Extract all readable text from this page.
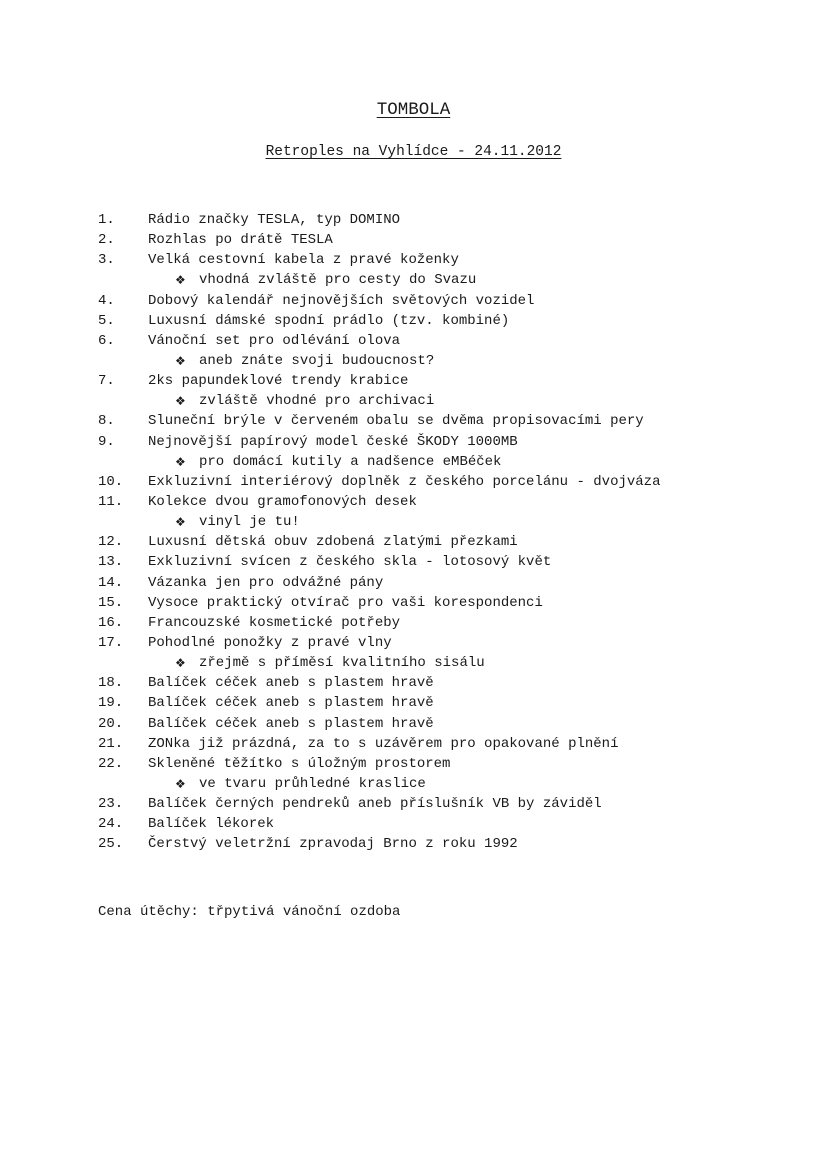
TOMBOLA
Retroples na Vyhlídce - 24.11.2012
1.	Rádio značky TESLA, typ DOMINO
2.	Rozhlas po drátě TESLA
3.	Velká cestovní kabela z pravé koženky
❖ vhodná zvláště pro cesty do Svazu
4.	Dobový kalendář nejnovějších světových vozidel
5.	Luxusní dámské spodní prádlo (tzv. kombiné)
6.	Vánoční set pro odlévání olova
❖ aneb znáte svoji budoucnost?
7.	2ks papundeklové trendy krabice
❖ zvláště vhodné pro archivaci
8.	Sluneční brýle v červeném obalu se dvěma propisovacími pery
9.	Nejnovější papírový model české ŠKODY 1000MB
❖ pro domácí kutily a nadšence eMBéček
10.	Exkluzivní interiérový doplněk z českého porcelánu - dvojváza
11.	Kolekce dvou gramofonových desek
❖ vinyl je tu!
12.	Luxusní dětská obuv zdobená zlatými přezkami
13.	Exkluzivní svícen z českého skla - lotosový květ
14.	Vázanka jen pro odvážné pány
15.	Vysoce praktický otvírač pro vaši korespondenci
16.	Francouzské kosmetické potřeby
17.	Pohodlné ponožky z pravé vlny
❖ zřejmě s příměsí kvalitního sisálu
18.	Balíček céček aneb s plastem hravě
19.	Balíček céček aneb s plastem hravě
20.	Balíček céček aneb s plastem hravě
21.	ZONka již prázdná, za to s uzávěrem pro opakované plnění
22.	Skleněné těžítko s úložným prostorem
❖ ve tvaru průhledné kraslice
23.	Balíček černých pendreků aneb příslušník VB by záviděl
24.	Balíček lékorek
25.	Čerstvý veletržní zpravodaj Brno z roku 1992
Cena útěchy: třpytivá vánoční ozdoba
